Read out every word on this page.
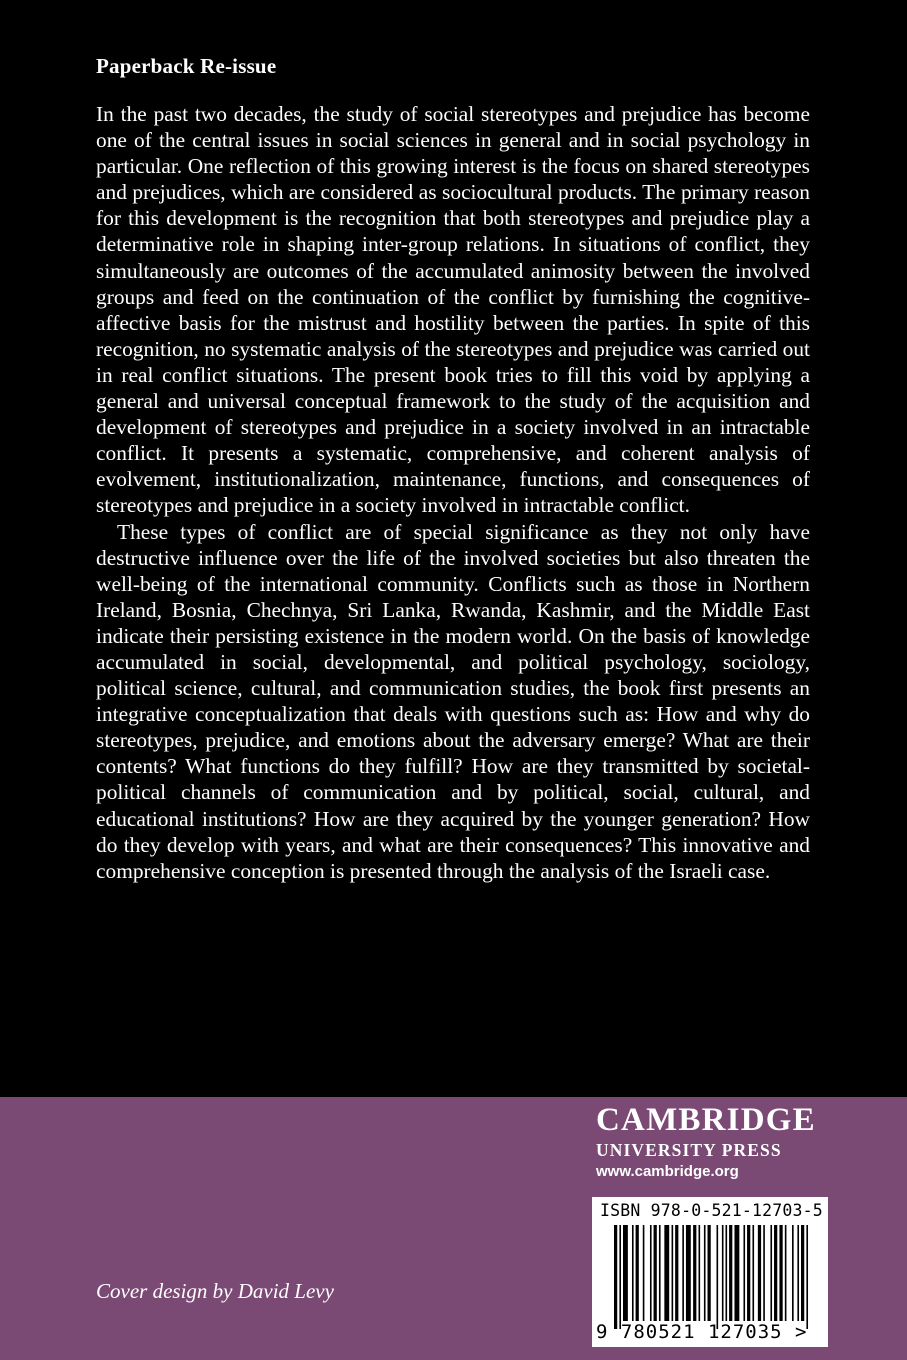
Paperback Re-issue

In the past two decades, the study of social stereotypes and prejudice has become one of the central issues in social sciences in general and in social psychology in particular. One reflection of this growing interest is the focus on shared stereotypes and prejudices, which are considered as sociocultural products. The primary reason for this development is the recognition that both stereotypes and prejudice play a determinative role in shaping inter-group relations. In situations of conflict, they simultaneously are outcomes of the accumulated animosity between the involved groups and feed on the continuation of the conflict by furnishing the cognitive-affective basis for the mistrust and hostility between the parties. In spite of this recognition, no systematic analysis of the stereotypes and prejudice was carried out in real conflict situations. The present book tries to fill this void by applying a general and universal conceptual framework to the study of the acquisition and development of stereotypes and prejudice in a society involved in an intractable conflict. It presents a systematic, comprehensive, and coherent analysis of evolvement, institutionalization, maintenance, functions, and consequences of stereotypes and prejudice in a society involved in intractable conflict.

These types of conflict are of special significance as they not only have destructive influence over the life of the involved societies but also threaten the well-being of the international community. Conflicts such as those in Northern Ireland, Bosnia, Chechnya, Sri Lanka, Rwanda, Kashmir, and the Middle East indicate their persisting existence in the modern world. On the basis of knowledge accumulated in social, developmental, and political psychology, sociology, political science, cultural, and communication studies, the book first presents an integrative conceptualization that deals with questions such as: How and why do stereotypes, prejudice, and emotions about the adversary emerge? What are their contents? What functions do they fulfill? How are they transmitted by societal-political channels of communication and by political, social, cultural, and educational institutions? How are they acquired by the younger generation? How do they develop with years, and what are their consequences? This innovative and comprehensive conception is presented through the analysis of the Israeli case.

CAMBRIDGE
UNIVERSITY PRESS
www.cambridge.org
ISBN 978-0-521-12703-5
9 780521 127035 >
Cover design by David Levy
